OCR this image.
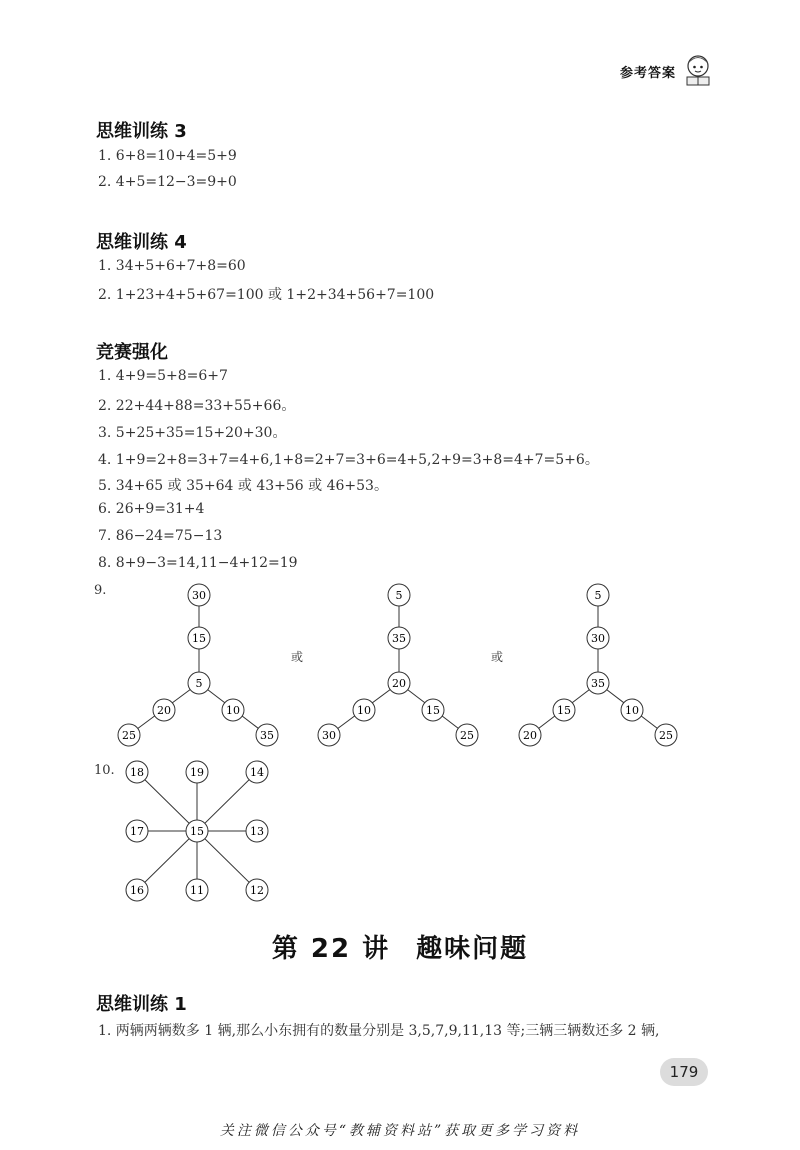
参考答案
思维训练 3

1. 6+8=10+4=5+9

2. 4+5=12−3=9+0

思维训练 4

1. 34+5+6+7+8=60

2. 1+23+4+5+67=100 或 1+2+34+56+7=100

竞赛强化

1. 4+9=5+8=6+7

2. 22+44+88=33+55+66。

3. 5+25+35=15+20+30。

4. 1+9=2+8=3+7=4+6,1+8=2+7=3+6=4+5,2+9=3+8=4+7=5+6。

5. 34+65 或 35+64 或 43+56 或 46+53。

6. 26+9=31+4

7. 86−24=75−13

8. 8+9−3=14,11−4+12=19

9.
或	或
10.
30
15
5
20	10
25	35
5
35
20
10	15
30	25
5
30
35
15	10
20	25
15
18	19	14
17	13
16	11	12
第 22 讲 趣味问题
思维训练 1

1. 两辆两辆数多 1 辆,那么小东拥有的数量分别是 3,5,7,9,11,13 等;三辆三辆数还多 2 辆,

179
关注微信公众号“教辅资料站”获取更多学习资料
